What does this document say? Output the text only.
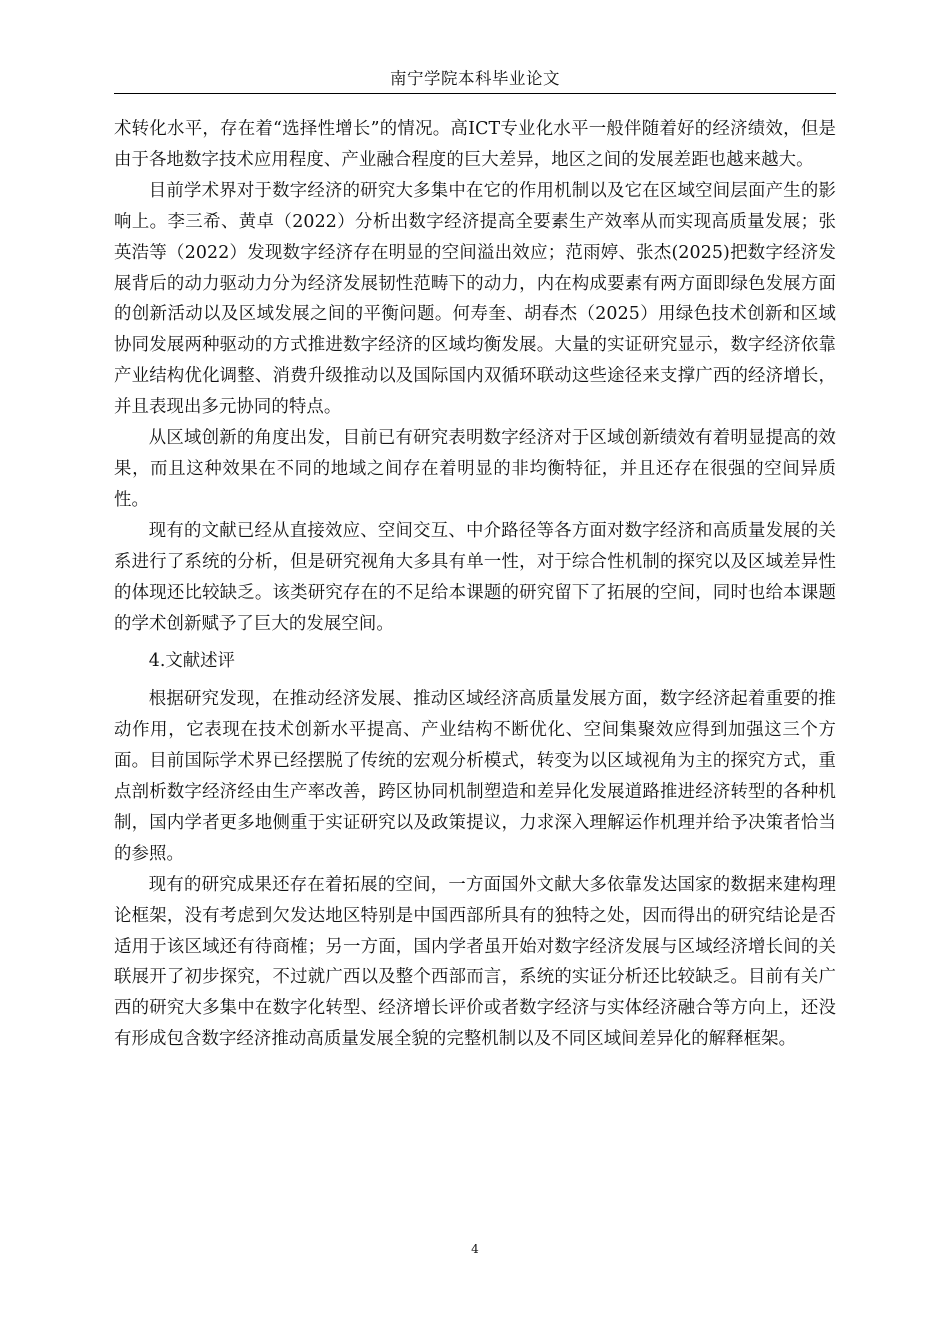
南宁学院本科毕业论文

术转化水平，存在着“选择性增长”的情况。高ICT专业化水平一般伴随着好的经济绩效，但是由于各地数字技术应用程度、产业融合程度的巨大差异，地区之间的发展差距也越来越大。

目前学术界对于数字经济的研究大多集中在它的作用机制以及它在区域空间层面产生的影响上。李三希、黄卓（2022）分析出数字经济提高全要素生产效率从而实现高质量发展；张英浩等（2022）发现数字经济存在明显的空间溢出效应；范雨婷、张杰(2025)把数字经济发展背后的动力驱动力分为经济发展韧性范畴下的动力，内在构成要素有两方面即绿色发展方面的创新活动以及区域发展之间的平衡问题。何寿奎、胡春杰（2025）用绿色技术创新和区域协同发展两种驱动的方式推进数字经济的区域均衡发展。大量的实证研究显示，数字经济依靠产业结构优化调整、消费升级推动以及国际国内双循环联动这些途径来支撑广西的经济增长，并且表现出多元协同的特点。

从区域创新的角度出发，目前已有研究表明数字经济对于区域创新绩效有着明显提高的效果，而且这种效果在不同的地域之间存在着明显的非均衡特征，并且还存在很强的空间异质性。

现有的文献已经从直接效应、空间交互、中介路径等各方面对数字经济和高质量发展的关系进行了系统的分析，但是研究视角大多具有单一性，对于综合性机制的探究以及区域差异性的体现还比较缺乏。该类研究存在的不足给本课题的研究留下了拓展的空间，同时也给本课题的学术创新赋予了巨大的发展空间。

4.文献述评

根据研究发现，在推动经济发展、推动区域经济高质量发展方面，数字经济起着重要的推动作用，它表现在技术创新水平提高、产业结构不断优化、空间集聚效应得到加强这三个方面。目前国际学术界已经摆脱了传统的宏观分析模式，转变为以区域视角为主的探究方式，重点剖析数字经济经由生产率改善，跨区协同机制塑造和差异化发展道路推进经济转型的各种机制，国内学者更多地侧重于实证研究以及政策提议，力求深入理解运作机理并给予决策者恰当的参照。

现有的研究成果还存在着拓展的空间，一方面国外文献大多依靠发达国家的数据来建构理论框架，没有考虑到欠发达地区特别是中国西部所具有的独特之处，因而得出的研究结论是否适用于该区域还有待商榷；另一方面，国内学者虽开始对数字经济发展与区域经济增长间的关联展开了初步探究，不过就广西以及整个西部而言，系统的实证分析还比较缺乏。目前有关广西的研究大多集中在数字化转型、经济增长评价或者数字经济与实体经济融合等方向上，还没有形成包含数字经济推动高质量发展全貌的完整机制以及不同区域间差异化的解释框架。

4
